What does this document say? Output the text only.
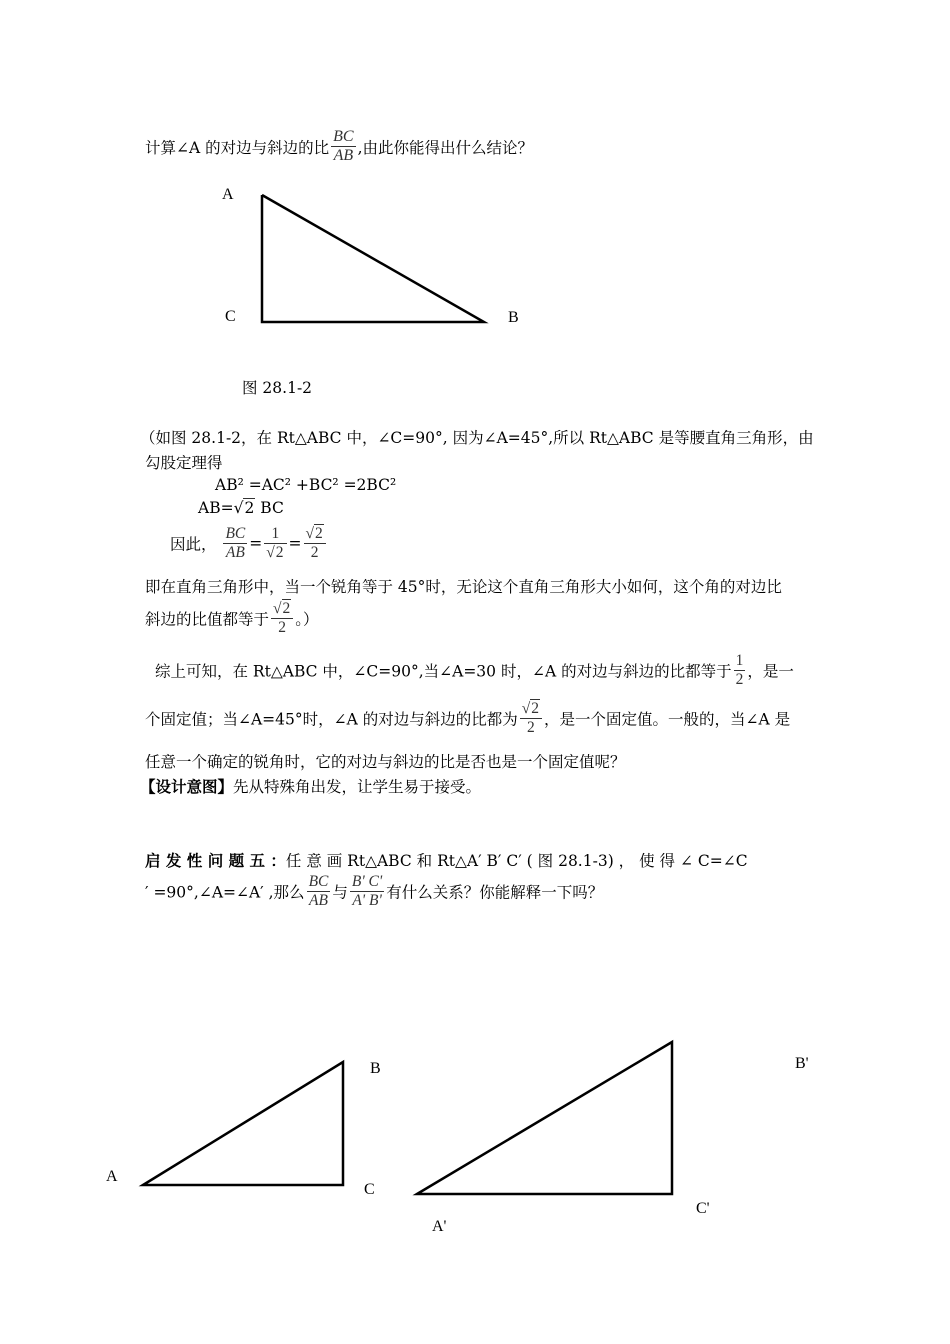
计算∠A 的对边与斜边的比 $\frac{BC}{AB}$ ,由此你能得出什么结论？
A
C	B
图 28.1-2
（如图 28.1-2，在 Rt△ABC 中，∠C=90°, 因为∠A=45°,所以 Rt△ABC 是等腰直角三角形，由
勾股定理得
AB² =AC² +BC² =2BC²
AB=√2 BC
因此， $\frac{BC}{AB} = \frac{1}{√2} = \frac{√2}{2}$
即在直角三角形中，当一个锐角等于 45°时，无论这个直角三角形大小如何，这个角的对边比
斜边的比值都等于 $\frac{√2}{2}$ 。）
综上可知，在 Rt△ABC 中，∠C=90°,当∠A=30 时，∠A 的对边与斜边的比都等于 $\frac{1}{2}$ ，是一
个固定值；当∠A=45°时，∠A 的对边与斜边的比都为 $\frac{√2}{2}$ ，是一个固定值。一般的，当∠A 是
任意一个确定的锐角时，它的对边与斜边的比是否也是一个固定值呢？
【设计意图】先从特殊角出发，让学生易于接受。
启 发 性 问 题 五 ：任 意 画 Rt△ABC 和 Rt△A′ B′ C′ ( 图 28.1-3) ， 使 得 ∠ C=∠C
′ =90°,∠A=∠A′ ,那么 $\frac{BC}{AB}$ 与 $\frac{B' C'}{A' B'}$ 有什么关系？你能解释一下吗？
A
B
C
A'
B'
C'
